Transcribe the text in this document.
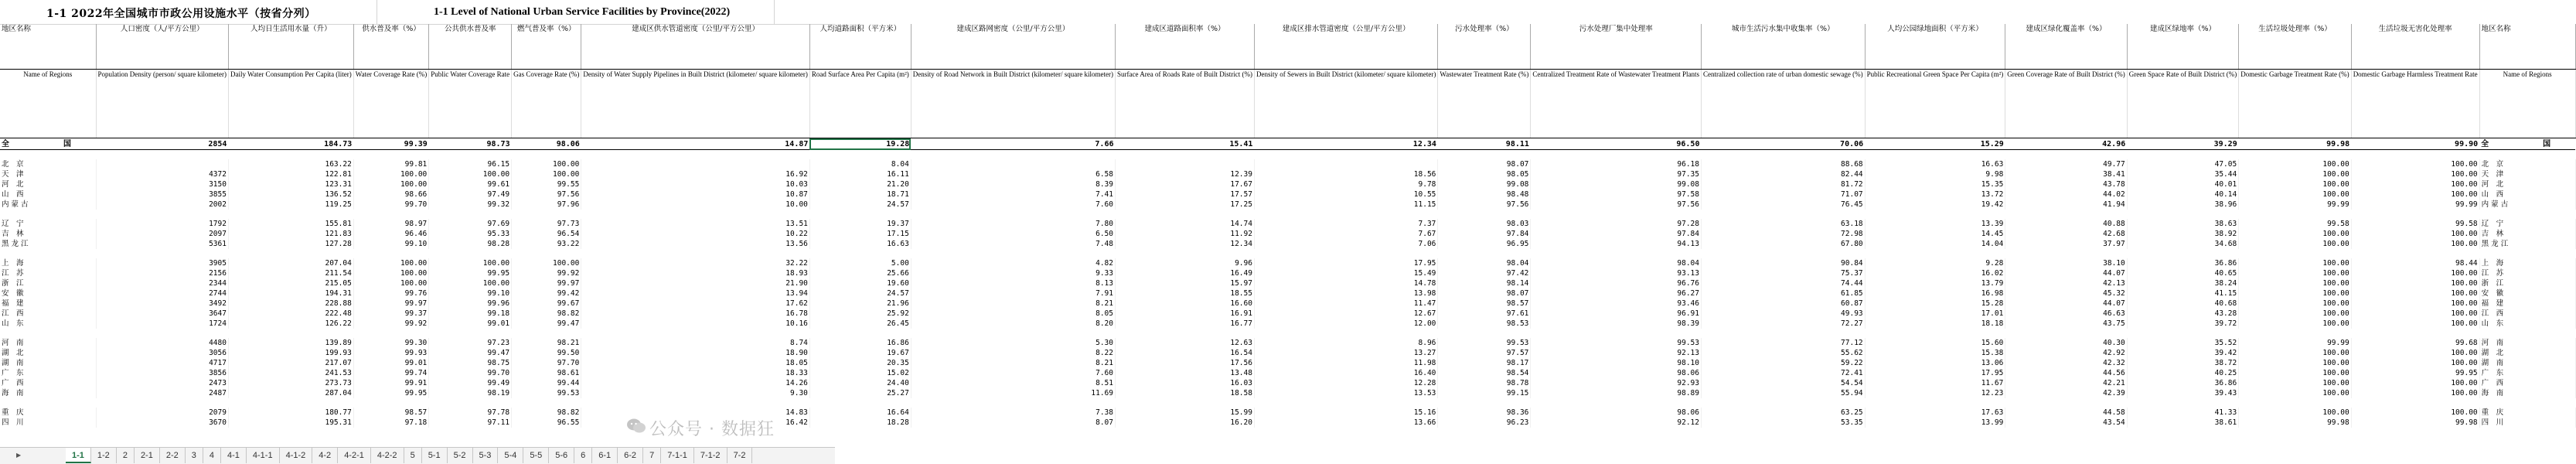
1-1 2022年全国城市市政公用设施水平（按省分列）	1-1 Level of National Urban Service Facilities by Province(2022)
地区名称	人口密度（人/平方公里）	人均日生活用水量（升）	供水普及率（%）	公共供水普及率	燃气普及率（%）	建成区供水管道密度（公里/平方公里）	人均道路面积（平方米）	建成区路网密度（公里/平方公里）	建成区道路面积率（%）	建成区排水管道密度（公里/平方公里）	污水处理率（%）	污水处理厂集中处理率	城市生活污水集中收集率（%）	人均公园绿地面积（平方米）	建成区绿化覆盖率（%）	建成区绿地率（%）	生活垃圾处理率（%）	生活垃圾无害化处理率	地区名称
Name of Regions	Population Density (person/ square kilometer)	Daily Water Consumption Per Capita (liter)	Water Coverage Rate (%)	Public Water Coverage Rate	Gas Coverage Rate (%)	Density of Water Supply Pipelines in Built District (kilometer/ square kilometer)	Road Surface Area Per Capita (m²)	Density of Road Network in Built District (kilometer/ square kilometer)	Surface Area of Roads Rate of Built District (%)	Density of Sewers in Built District (kilometer/ square kilometer)	Wastewater Treatment Rate (%)	Centralized Treatment Rate of Wastewater Treatment Plants	Centralized collection rate of urban domestic sewage (%)	Public Recreational Green Space Per Capita (m²)	Green Coverage Rate of Built District (%)	Green Space Rate of Built District (%)	Domestic Garbage Treatment Rate (%)	Domestic Garbage Harmless Treatment Rate	Name of Regions
全　国	2854	184.73	99.39	98.73	98.06	14.87	19.28	7.66	15.41	12.34	98.11	96.50	70.06	15.29	42.96	39.29	99.98	99.90	全　国

北　京		163.22	99.81	96.15	100.00		8.04				98.07	96.18	88.68	16.63	49.77	47.05	100.00	100.00	北　京
天　津	4372	122.81	100.00	100.00	100.00	16.92	16.11	6.58	12.39	18.56	98.05	97.35	82.44	9.98	38.41	35.44	100.00	100.00	天　津
河　北	3150	123.31	100.00	99.61	99.55	10.03	21.20	8.39	17.67	9.78	99.08	99.08	81.72	15.35	43.78	40.01	100.00	100.00	河　北
山　西	3855	136.52	98.66	97.49	97.56	10.87	18.71	7.41	17.57	10.55	98.48	97.58	71.07	13.72	44.02	40.14	100.00	100.00	山　西
内 蒙 古	2002	119.25	99.70	99.32	97.96	10.00	24.57	7.60	17.25	11.15	97.56	97.56	76.45	19.42	41.94	38.96	99.99	99.99	内 蒙 古

辽　宁	1792	155.81	98.97	97.69	97.73	13.51	19.37	7.80	14.74	7.37	98.03	97.28	63.18	13.39	40.88	38.63	99.58	99.58	辽　宁
吉　林	2097	121.83	96.46	95.33	96.54	10.22	17.15	6.50	11.92	7.67	97.84	97.84	72.98	14.45	42.68	38.92	100.00	100.00	吉　林
黑 龙 江	5361	127.28	99.10	98.28	93.22	13.56	16.63	7.48	12.34	7.06	96.95	94.13	67.80	14.04	37.97	34.68	100.00	100.00	黑 龙 江

上　海	3905	207.04	100.00	100.00	100.00	32.22	5.00	4.82	9.96	17.95	98.04	98.04	90.84	9.28	38.10	36.86	100.00	98.44	上　海
江　苏	2156	211.54	100.00	99.95	99.92	18.93	25.66	9.33	16.49	15.49	97.42	93.13	75.37	16.02	44.07	40.65	100.00	100.00	江　苏
浙　江	2344	215.05	100.00	100.00	99.97	21.90	19.60	8.13	15.97	14.78	98.14	96.76	74.44	13.79	42.13	38.24	100.00	100.00	浙　江
安　徽	2744	194.31	99.76	99.10	99.42	13.94	24.57	7.91	18.55	13.98	98.07	96.27	61.85	16.98	45.32	41.15	100.00	100.00	安　徽
福　建	3492	228.88	99.97	99.96	99.67	17.62	21.96	8.21	16.60	11.47	98.57	93.46	60.87	15.28	44.07	40.68	100.00	100.00	福　建
江　西	3647	222.48	99.37	99.18	98.82	16.78	25.92	8.05	16.91	12.67	97.61	96.91	49.93	17.01	46.63	43.28	100.00	100.00	江　西
山　东	1724	126.22	99.92	99.01	99.47	10.16	26.45	8.20	16.77	12.00	98.53	98.39	72.27	18.18	43.75	39.72	100.00	100.00	山　东

河　南	4480	139.89	99.30	97.23	98.21	8.74	16.86	5.30	12.63	8.96	99.53	99.53	77.12	15.60	40.30	35.52	99.99	99.68	河　南
湖　北	3056	199.93	99.93	99.47	99.50	18.90	19.67	8.22	16.54	13.27	97.57	92.13	55.62	15.38	42.92	39.42	100.00	100.00	湖　北
湖　南	4717	217.07	99.01	98.75	97.70	18.05	20.35	8.21	17.56	11.98	98.17	98.10	59.22	13.06	42.32	38.72	100.00	100.00	湖　南
广　东	3856	241.53	99.74	99.70	98.61	18.33	15.02	7.60	13.48	16.40	98.54	98.06	72.41	17.95	44.56	40.25	100.00	99.95	广　东
广　西	2473	273.73	99.91	99.49	99.44	14.26	24.40	8.51	16.03	12.28	98.78	92.93	54.54	11.67	42.21	36.86	100.00	100.00	广　西
海　南	2487	287.04	99.95	98.19	99.53	9.30	25.27	11.69	18.58	13.53	99.15	98.89	55.94	12.23	42.39	39.43	100.00	100.00	海　南

重　庆	2079	180.77	98.57	97.78	98.82	14.83	16.64	7.38	15.99	15.16	98.36	98.06	63.25	17.63	44.58	41.33	100.00	100.00	重　庆
四　川	3670	195.31	97.18	97.11	96.55	16.42	18.28	8.07	16.20	13.66	96.23	92.12	53.35	13.99	43.54	38.61	99.98	99.98	四　川
公众号 · 数据狂
▶	1-1	1-2	2	2-1	2-2	3	4	4-1	4-1-1	4-1-2	4-2	4-2-1	4-2-2	5	5-1	5-2	5-3	5-4	5-5	5-6	6	6-1	6-2	7	7-1-1	7-1-2	7-2
